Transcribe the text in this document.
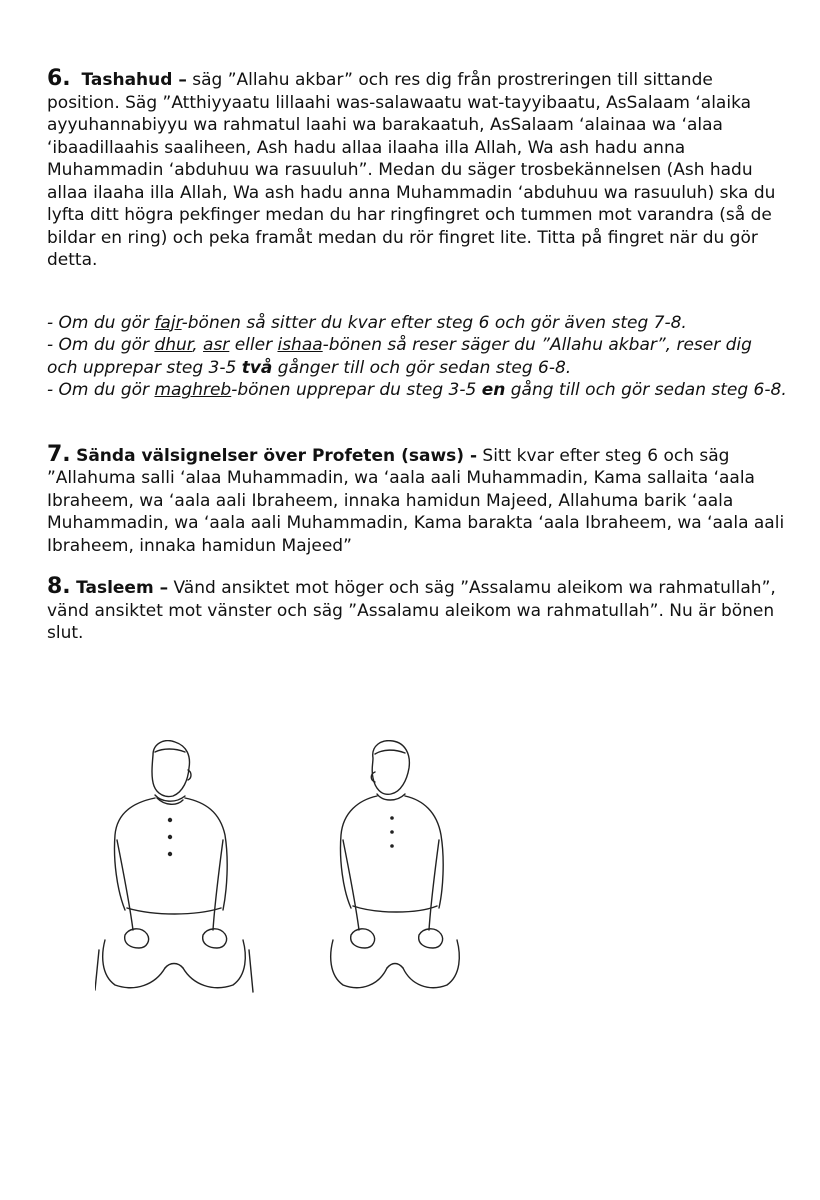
6. Tashahud – säg ”Allahu akbar” och res dig från prostreringen till sittande position. Säg ”Atthiyyaatu lillaahi was-salawaatu wat-tayyibaatu, AsSalaam ‘alaika ayyuhannabiyyu wa rahmatul laahi wa barakaatuh, AsSalaam ‘alainaa wa ‘alaa ‘ibaadillaahis saaliheen, Ash hadu allaa ilaaha illa Allah, Wa ash hadu anna Muhammadin ‘abduhuu wa rasuuluh”. Medan du säger trosbekännelsen (Ash hadu allaa ilaaha illa Allah, Wa ash hadu anna Muhammadin ‘abduhuu wa rasuuluh) ska du lyfta ditt högra pekfinger medan du har ringfingret och tummen mot varandra (så de bildar en ring) och peka framåt medan du rör fingret lite. Titta på fingret när du gör detta.

- Om du gör fajr-bönen så sitter du kvar efter steg 6 och gör även steg 7-8.

- Om du gör dhur, asr eller ishaa-bönen så reser säger du ”Allahu akbar”, reser dig och upprepar steg 3-5 två gånger till och gör sedan steg 6-8.

- Om du gör maghreb-bönen upprepar du steg 3-5 en gång till och gör sedan steg 6-8.

7. Sända välsignelser över Profeten (saws) - Sitt kvar efter steg 6 och säg ”Allahuma salli ‘alaa Muhammadin, wa ‘aala aali Muhammadin, Kama sallaita ‘aala Ibraheem, wa ‘aala aali Ibraheem, innaka hamidun Majeed, Allahuma barik ‘aala Muhammadin, wa ‘aala aali Muhammadin, Kama barakta ‘aala Ibraheem, wa ‘aala aali Ibraheem, innaka hamidun Majeed”

8. Tasleem – Vänd ansiktet mot höger och säg ”Assalamu aleikom wa rahmatullah”, vänd ansiktet mot vänster och säg ”Assalamu aleikom wa rahmatullah”. Nu är bönen slut.
